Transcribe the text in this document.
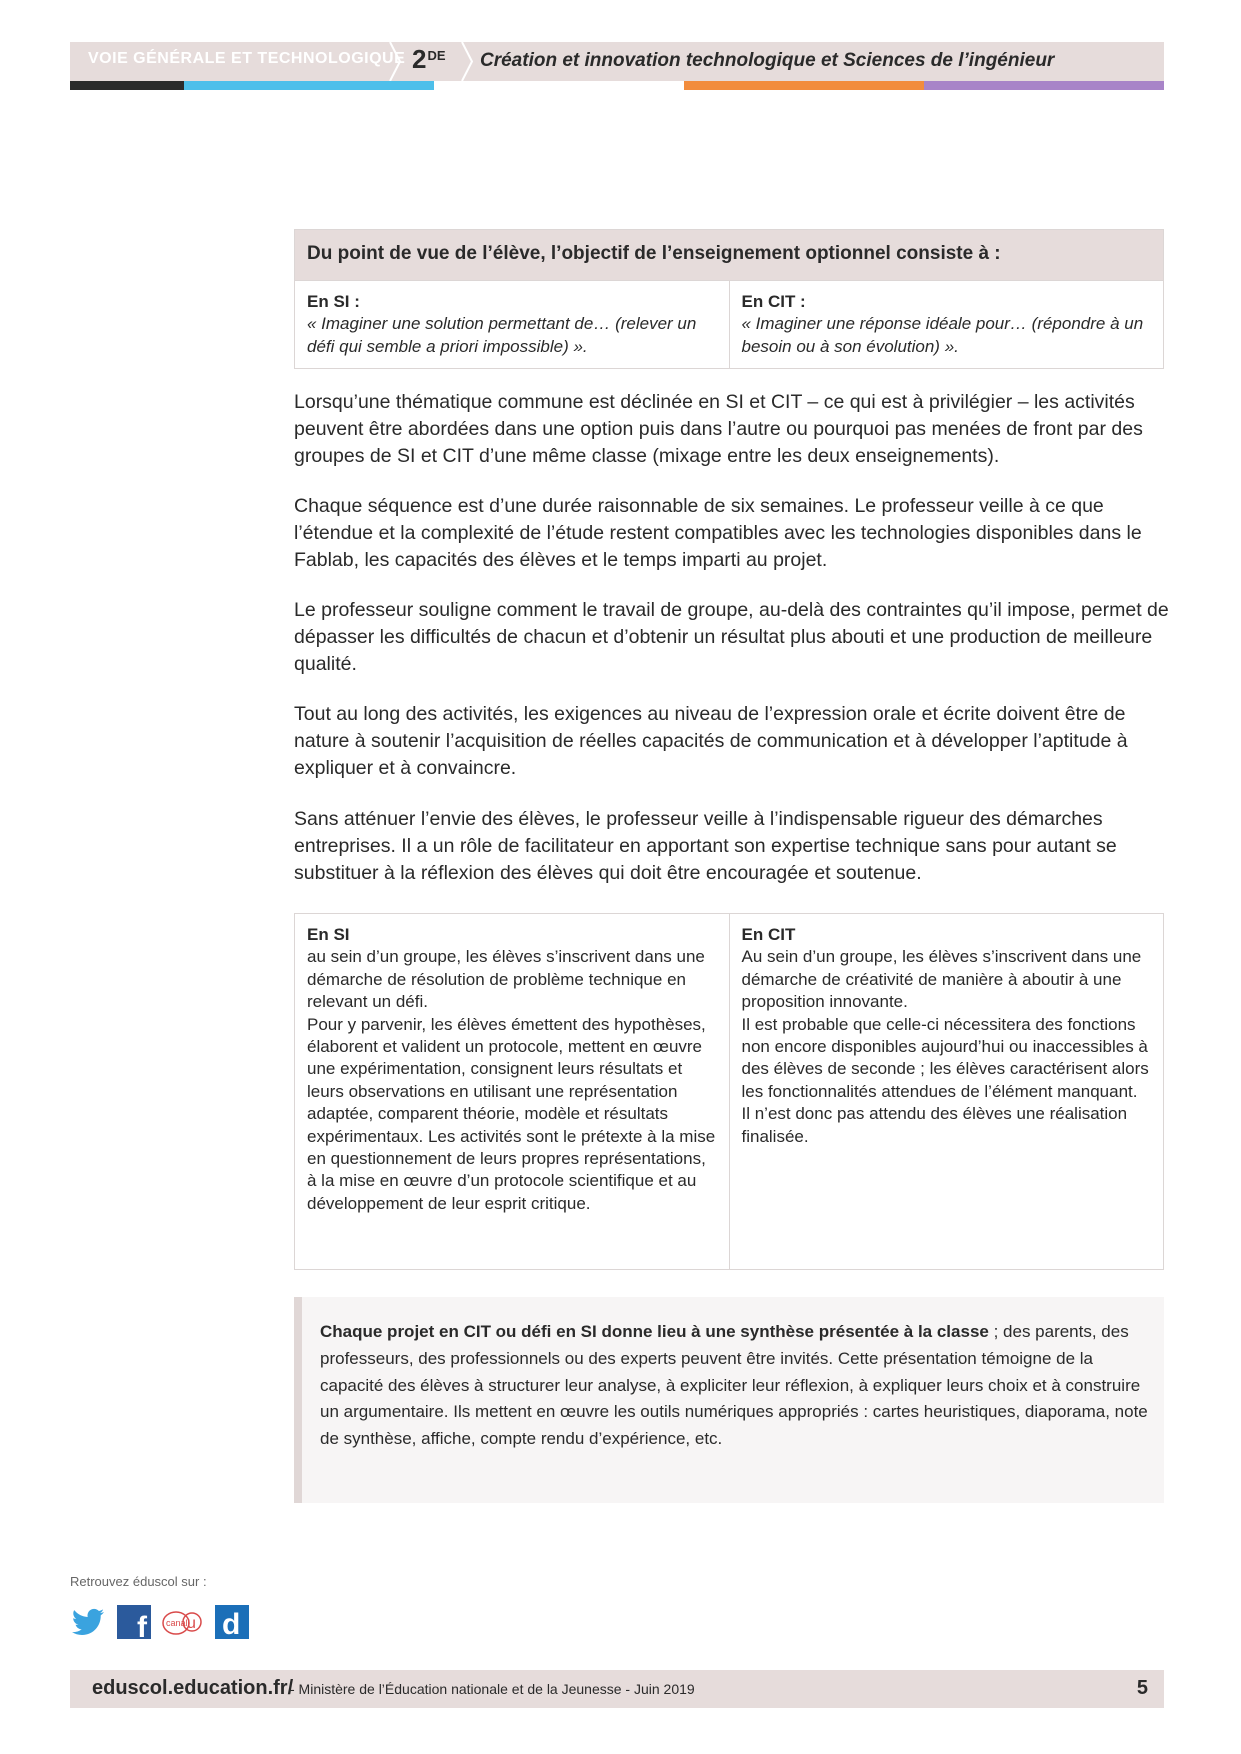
VOIE GÉNÉRALE ET TECHNOLOGIQUE 2DE Création et innovation technologique et Sciences de l’ingénieur
Du point de vue de l’élève, l’objectif de l’enseignement optionnel consiste à :
En SI :
« Imaginer une solution permettant de… (relever un défi qui semble a priori impossible) ».
En CIT :
« Imaginer une réponse idéale pour… (répondre à un besoin ou à son évolution) ».

Lorsqu’une thématique commune est déclinée en SI et CIT – ce qui est à privilégier – les activités peuvent être abordées dans une option puis dans l’autre ou pourquoi pas menées de front par des groupes de SI et CIT d’une même classe (mixage entre les deux enseignements).

Chaque séquence est d’une durée raisonnable de six semaines. Le professeur veille à ce que l’étendue et la complexité de l’étude restent compatibles avec les technologies disponibles dans le Fablab, les capacités des élèves et le temps imparti au projet.

Le professeur souligne comment le travail de groupe, au-delà des contraintes qu’il impose, permet de dépasser les difficultés de chacun et d’obtenir un résultat plus abouti et une production de meilleure qualité.

Tout au long des activités, les exigences au niveau de l’expression orale et écrite doivent être de nature à soutenir l’acquisition de réelles capacités de communication et à développer l’aptitude à expliquer et à convaincre.

Sans atténuer l’envie des élèves, le professeur veille à l’indispensable rigueur des démarches entreprises. Il a un rôle de facilitateur en apportant son expertise technique sans pour autant se substituer à la réflexion des élèves qui doit être encouragée et soutenue.

En SI

au sein d’un groupe, les élèves s’inscrivent dans une démarche de résolution de problème technique en relevant un défi.

Pour y parvenir, les élèves émettent des hypothèses, élaborent et valident un protocole, mettent en œuvre une expérimentation, consignent leurs résultats et leurs observations en utilisant une représentation adaptée, comparent théorie, modèle et résultats expérimentaux. Les activités sont le prétexte à la mise en questionnement de leurs propres représentations, à la mise en œuvre d’un protocole scientifique et au développement de leur esprit critique.

En CIT

Au sein d’un groupe, les élèves s’inscrivent dans une démarche de créativité de manière à aboutir à une proposition innovante.

Il est probable que celle-ci nécessitera des fonctions non encore disponibles aujourd’hui ou inaccessibles à des élèves de seconde ; les élèves caractérisent alors les fonctionnalités attendues de l’élément manquant.

Il n’est donc pas attendu des élèves une réalisation finalisée.

Chaque projet en CIT ou défi en SI donne lieu à une synthèse présentée à la classe ; des parents, des professeurs, des professionnels ou des experts peuvent être invités. Cette présentation témoigne de la capacité des élèves à structurer leur analyse, à expliciter leur réflexion, à expliquer leurs choix et à construire un argumentaire. Ils mettent en œuvre les outils numériques appropriés : cartes heuristiques, diaporama, note de synthèse, affiche, compte rendu d’expérience, etc.

Retrouvez éduscol sur :
f canal u d
eduscol.education.fr/
- Ministère de l’Éducation nationale et de la Jeunesse - Juin 2019	5
